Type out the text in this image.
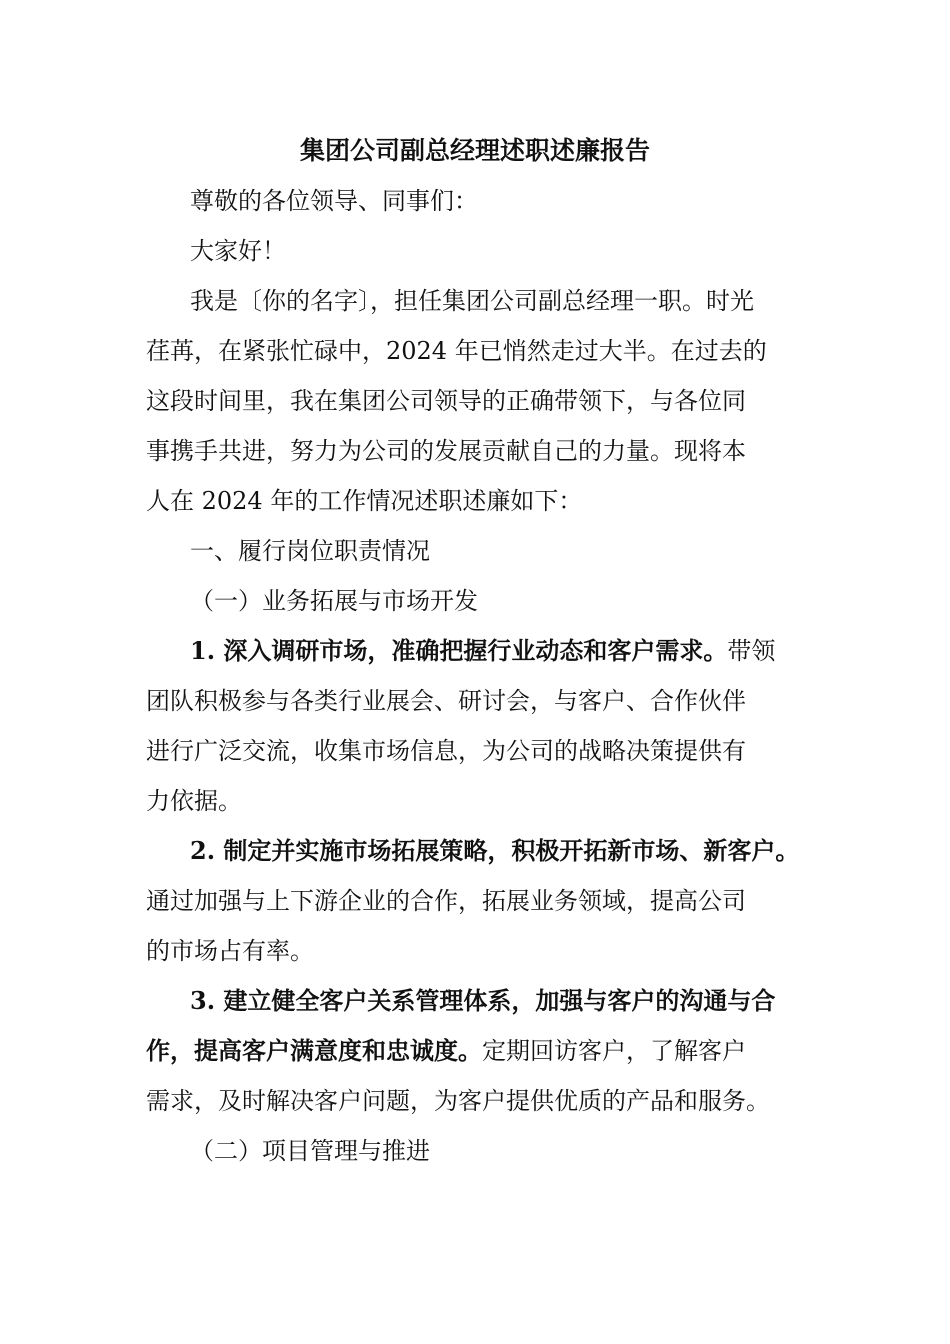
集团公司副总经理述职述廉报告
尊敬的各位领导、同事们：
大家好！
我是〔你的名字〕，担任集团公司副总经理一职。时光
荏苒，在紧张忙碌中，2024 年已悄然走过大半。在过去的
这段时间里，我在集团公司领导的正确带领下，与各位同
事携手共进，努力为公司的发展贡献自己的力量。现将本
人在 2024 年的工作情况述职述廉如下：
一、履行岗位职责情况
（一）业务拓展与市场开发
1. 深入调研市场，准确把握行业动态和客户需求。带领
团队积极参与各类行业展会、研讨会，与客户、合作伙伴
进行广泛交流，收集市场信息，为公司的战略决策提供有
力依据。
2. 制定并实施市场拓展策略，积极开拓新市场、新客户。
通过加强与上下游企业的合作，拓展业务领域，提高公司
的市场占有率。
3. 建立健全客户关系管理体系，加强与客户的沟通与合
作，提高客户满意度和忠诚度。定期回访客户，了解客户
需求，及时解决客户问题，为客户提供优质的产品和服务。
（二）项目管理与推进
